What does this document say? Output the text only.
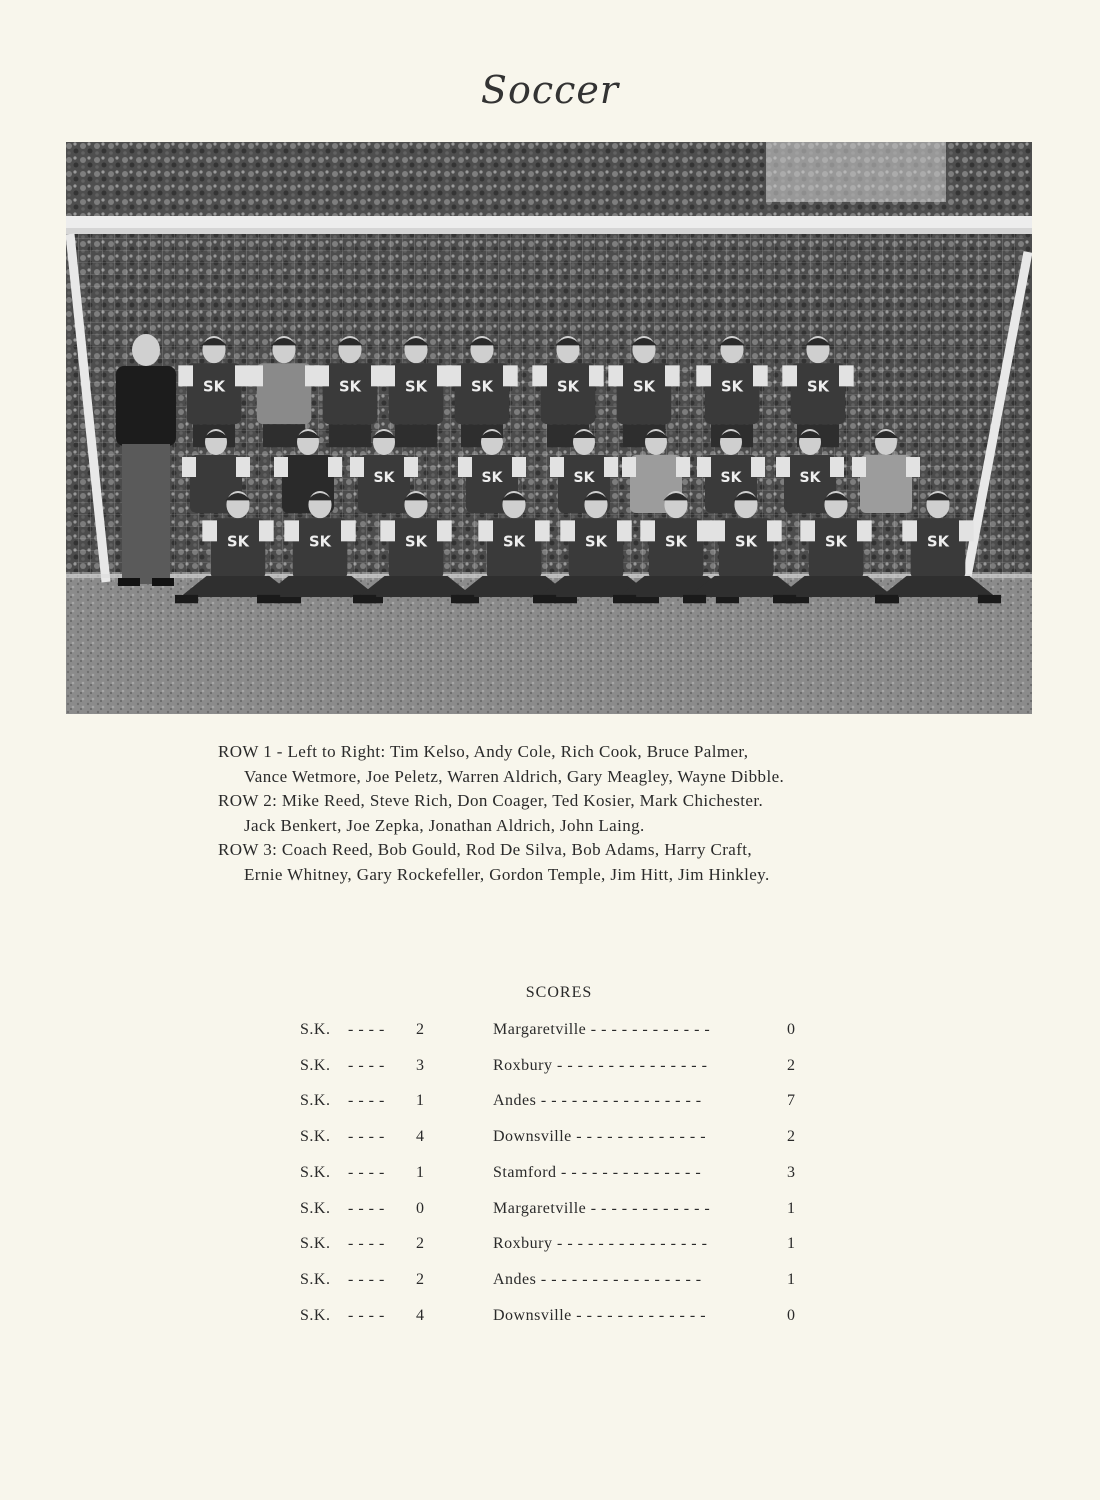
Soccer
SK	SK	SK	SK	SK	SK	SK	SK
SK	SK	SK	SK	SK
SK	SK	SK	SK	SK	SK	SK	SK	SK

ROW 1 - Left to Right: Tim Kelso, Andy Cole, Rich Cook, Bruce Palmer,

Vance Wetmore, Joe Peletz, Warren Aldrich, Gary Meagley, Wayne Dibble.

ROW 2: Mike Reed, Steve Rich, Don Coager, Ted Kosier, Mark Chichester.

Jack Benkert, Joe Zepka, Jonathan Aldrich, John Laing.

ROW 3: Coach Reed, Bob Gould, Rod De Silva, Bob Adams, Harry Craft,

Ernie Whitney, Gary Rockefeller, Gordon Temple, Jim Hitt, Jim Hinkley.

SCORES
S.K. - - - - 2	Margaretville - - - - - - - - - - - -	0
S.K. - - - - 3	Roxbury - - - - - - - - - - - - - - -	2
S.K. - - - - 1	Andes - - - - - - - - - - - - - - - -	7
S.K. - - - - 4	Downsville - - - - - - - - - - - - -	2
S.K. - - - - 1	Stamford - - - - - - - - - - - - - -	3
S.K. - - - - 0	Margaretville - - - - - - - - - - - -	1
S.K. - - - - 2	Roxbury - - - - - - - - - - - - - - -	1
S.K. - - - - 2	Andes - - - - - - - - - - - - - - - -	1
S.K. - - - - 4	Downsville - - - - - - - - - - - - -	0
